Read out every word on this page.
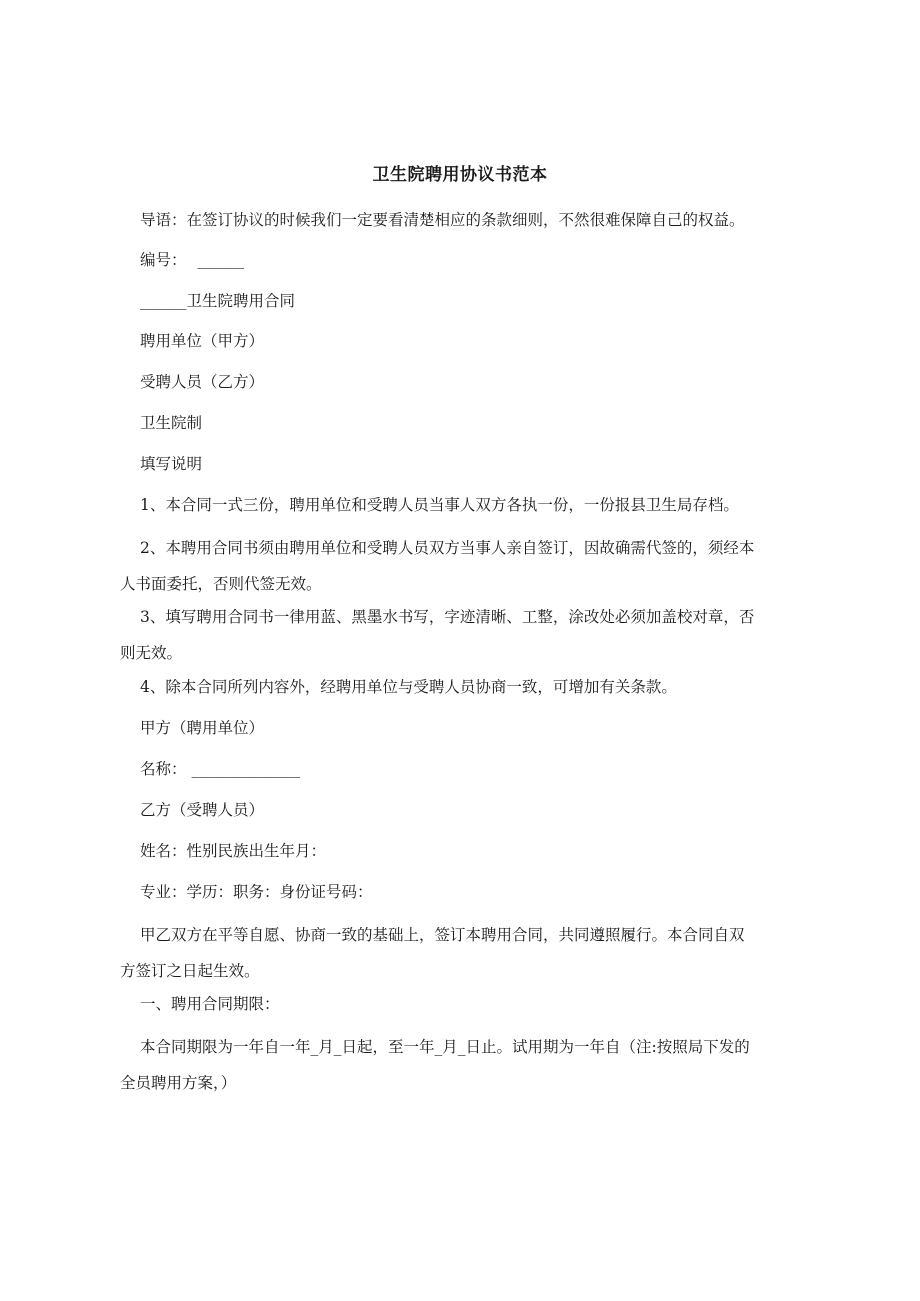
卫生院聘用协议书范本
导语：在签订协议的时候我们一定要看清楚相应的条款细则，不然很难保障自己的权益。
编号： ______
______卫生院聘用合同
聘用单位（甲方）
受聘人员（乙方）
卫生院制
填写说明
1、本合同一式三份，聘用单位和受聘人员当事人双方各执一份，一份报县卫生局存档。
2、本聘用合同书须由聘用单位和受聘人员双方当事人亲自签订，因故确需代签的，须经本
人书面委托，否则代签无效。
3、填写聘用合同书一律用蓝、黑墨水书写，字迹清晰、工整，涂改处必须加盖校对章，否
则无效。
4、除本合同所列内容外，经聘用单位与受聘人员协商一致，可增加有关条款。
甲方（聘用单位）
名称： ______________
乙方（受聘人员）
姓名：性别民族出生年月：
专业：学历：职务：身份证号码：
甲乙双方在平等自愿、协商一致的基础上，签订本聘用合同，共同遵照履行。本合同自双
方签订之日起生效。
一、聘用合同期限：
本合同期限为一年自一年_月_日起，至一年_月_日止。试用期为一年自（注:按照局下发的
全员聘用方案，）
